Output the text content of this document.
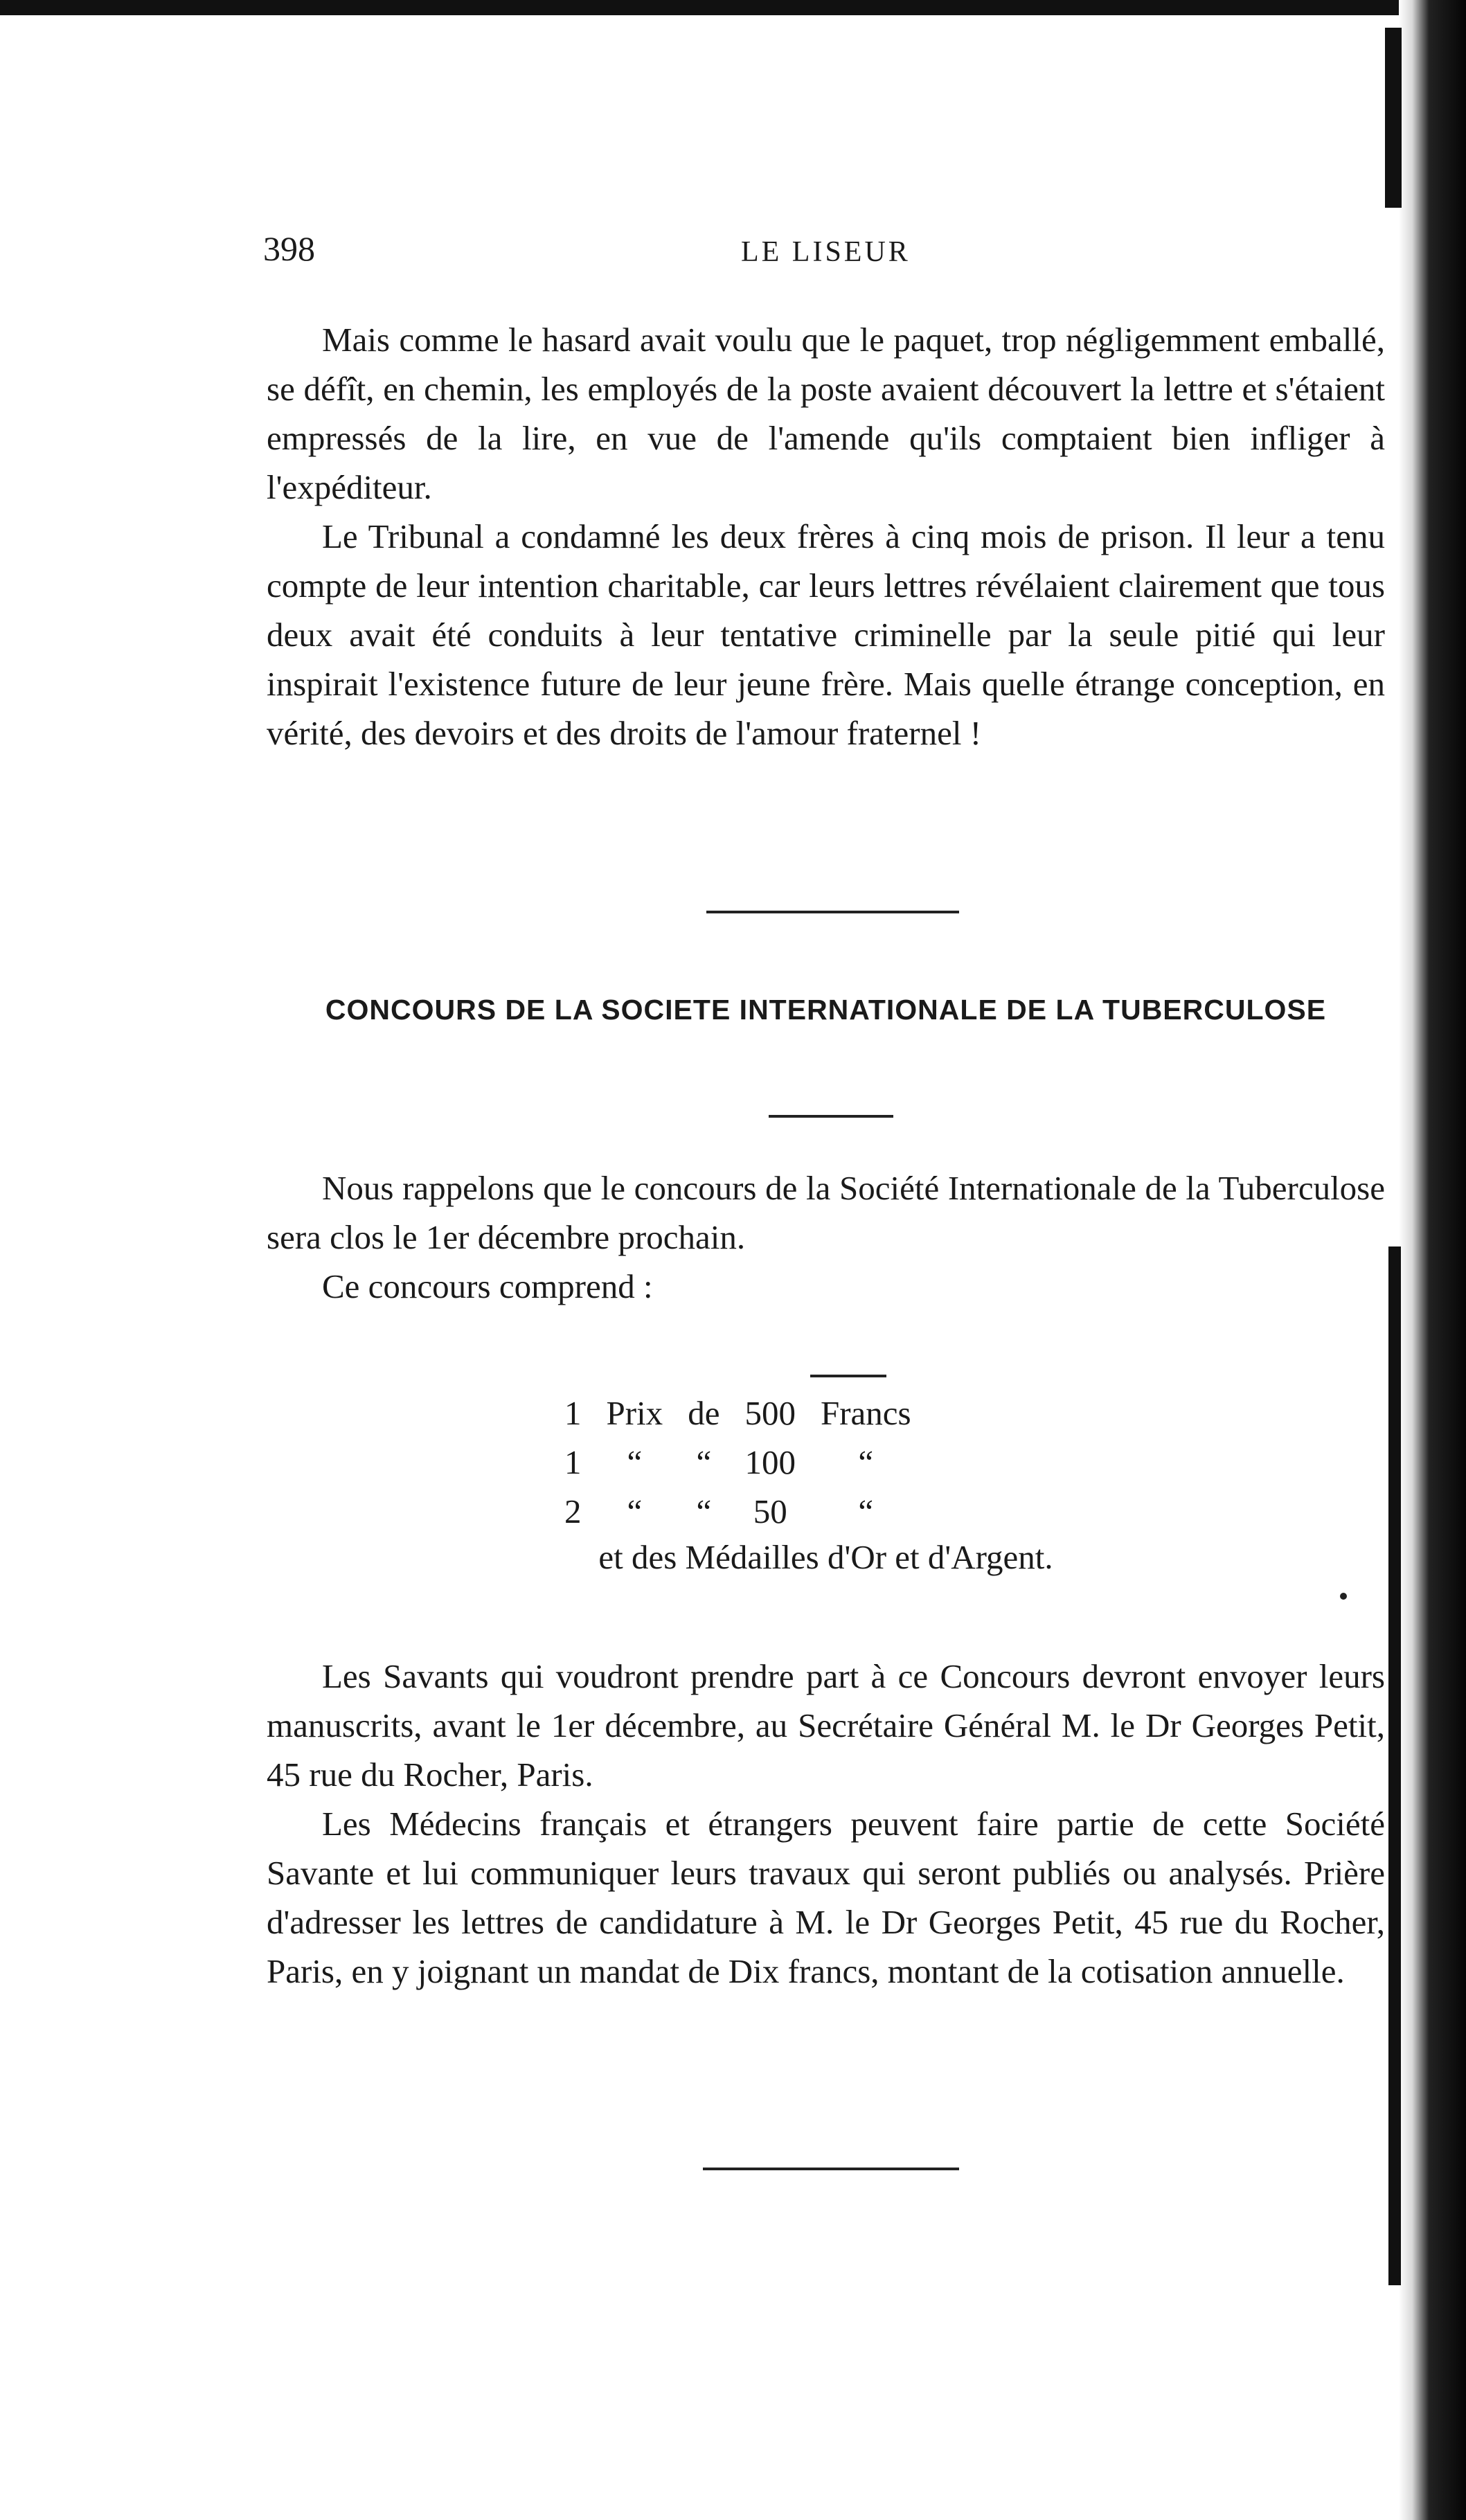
398	LE LISEUR

Mais comme le hasard avait voulu que le paquet, trop négligemment emballé, se défît, en chemin, les employés de la poste avaient découvert la lettre et s'étaient empressés de la lire, en vue de l'amende qu'ils comptaient bien infliger à l'expéditeur.

Le Tribunal a condamné les deux frères à cinq mois de prison. Il leur a tenu compte de leur intention charitable, car leurs lettres révélaient clairement que tous deux avait été conduits à leur tentative criminelle par la seule pitié qui leur inspirait l'existence future de leur jeune frère. Mais quelle étrange conception, en vérité, des devoirs et des droits de l'amour fraternel !

CONCOURS DE LA SOCIETE INTERNATIONALE DE LA TUBERCULOSE

Nous rappelons que le concours de la Société Internationale de la Tuberculose sera clos le 1er décembre prochain.

Ce concours comprend :

1	Prix	de	500	Francs
1	“	“	100	“
2	“	“	50	“
et des Médailles d'Or et d'Argent.

Les Savants qui voudront prendre part à ce Concours devront envoyer leurs manuscrits, avant le 1er décembre, au Secrétaire Général M. le Dr Georges Petit, 45 rue du Rocher, Paris.

Les Médecins français et étrangers peuvent faire partie de cette Société Savante et lui communiquer leurs travaux qui seront publiés ou analysés. Prière d'adresser les lettres de candidature à M. le Dr Georges Petit, 45 rue du Rocher, Paris, en y joignant un mandat de Dix francs, montant de la cotisation annuelle.
